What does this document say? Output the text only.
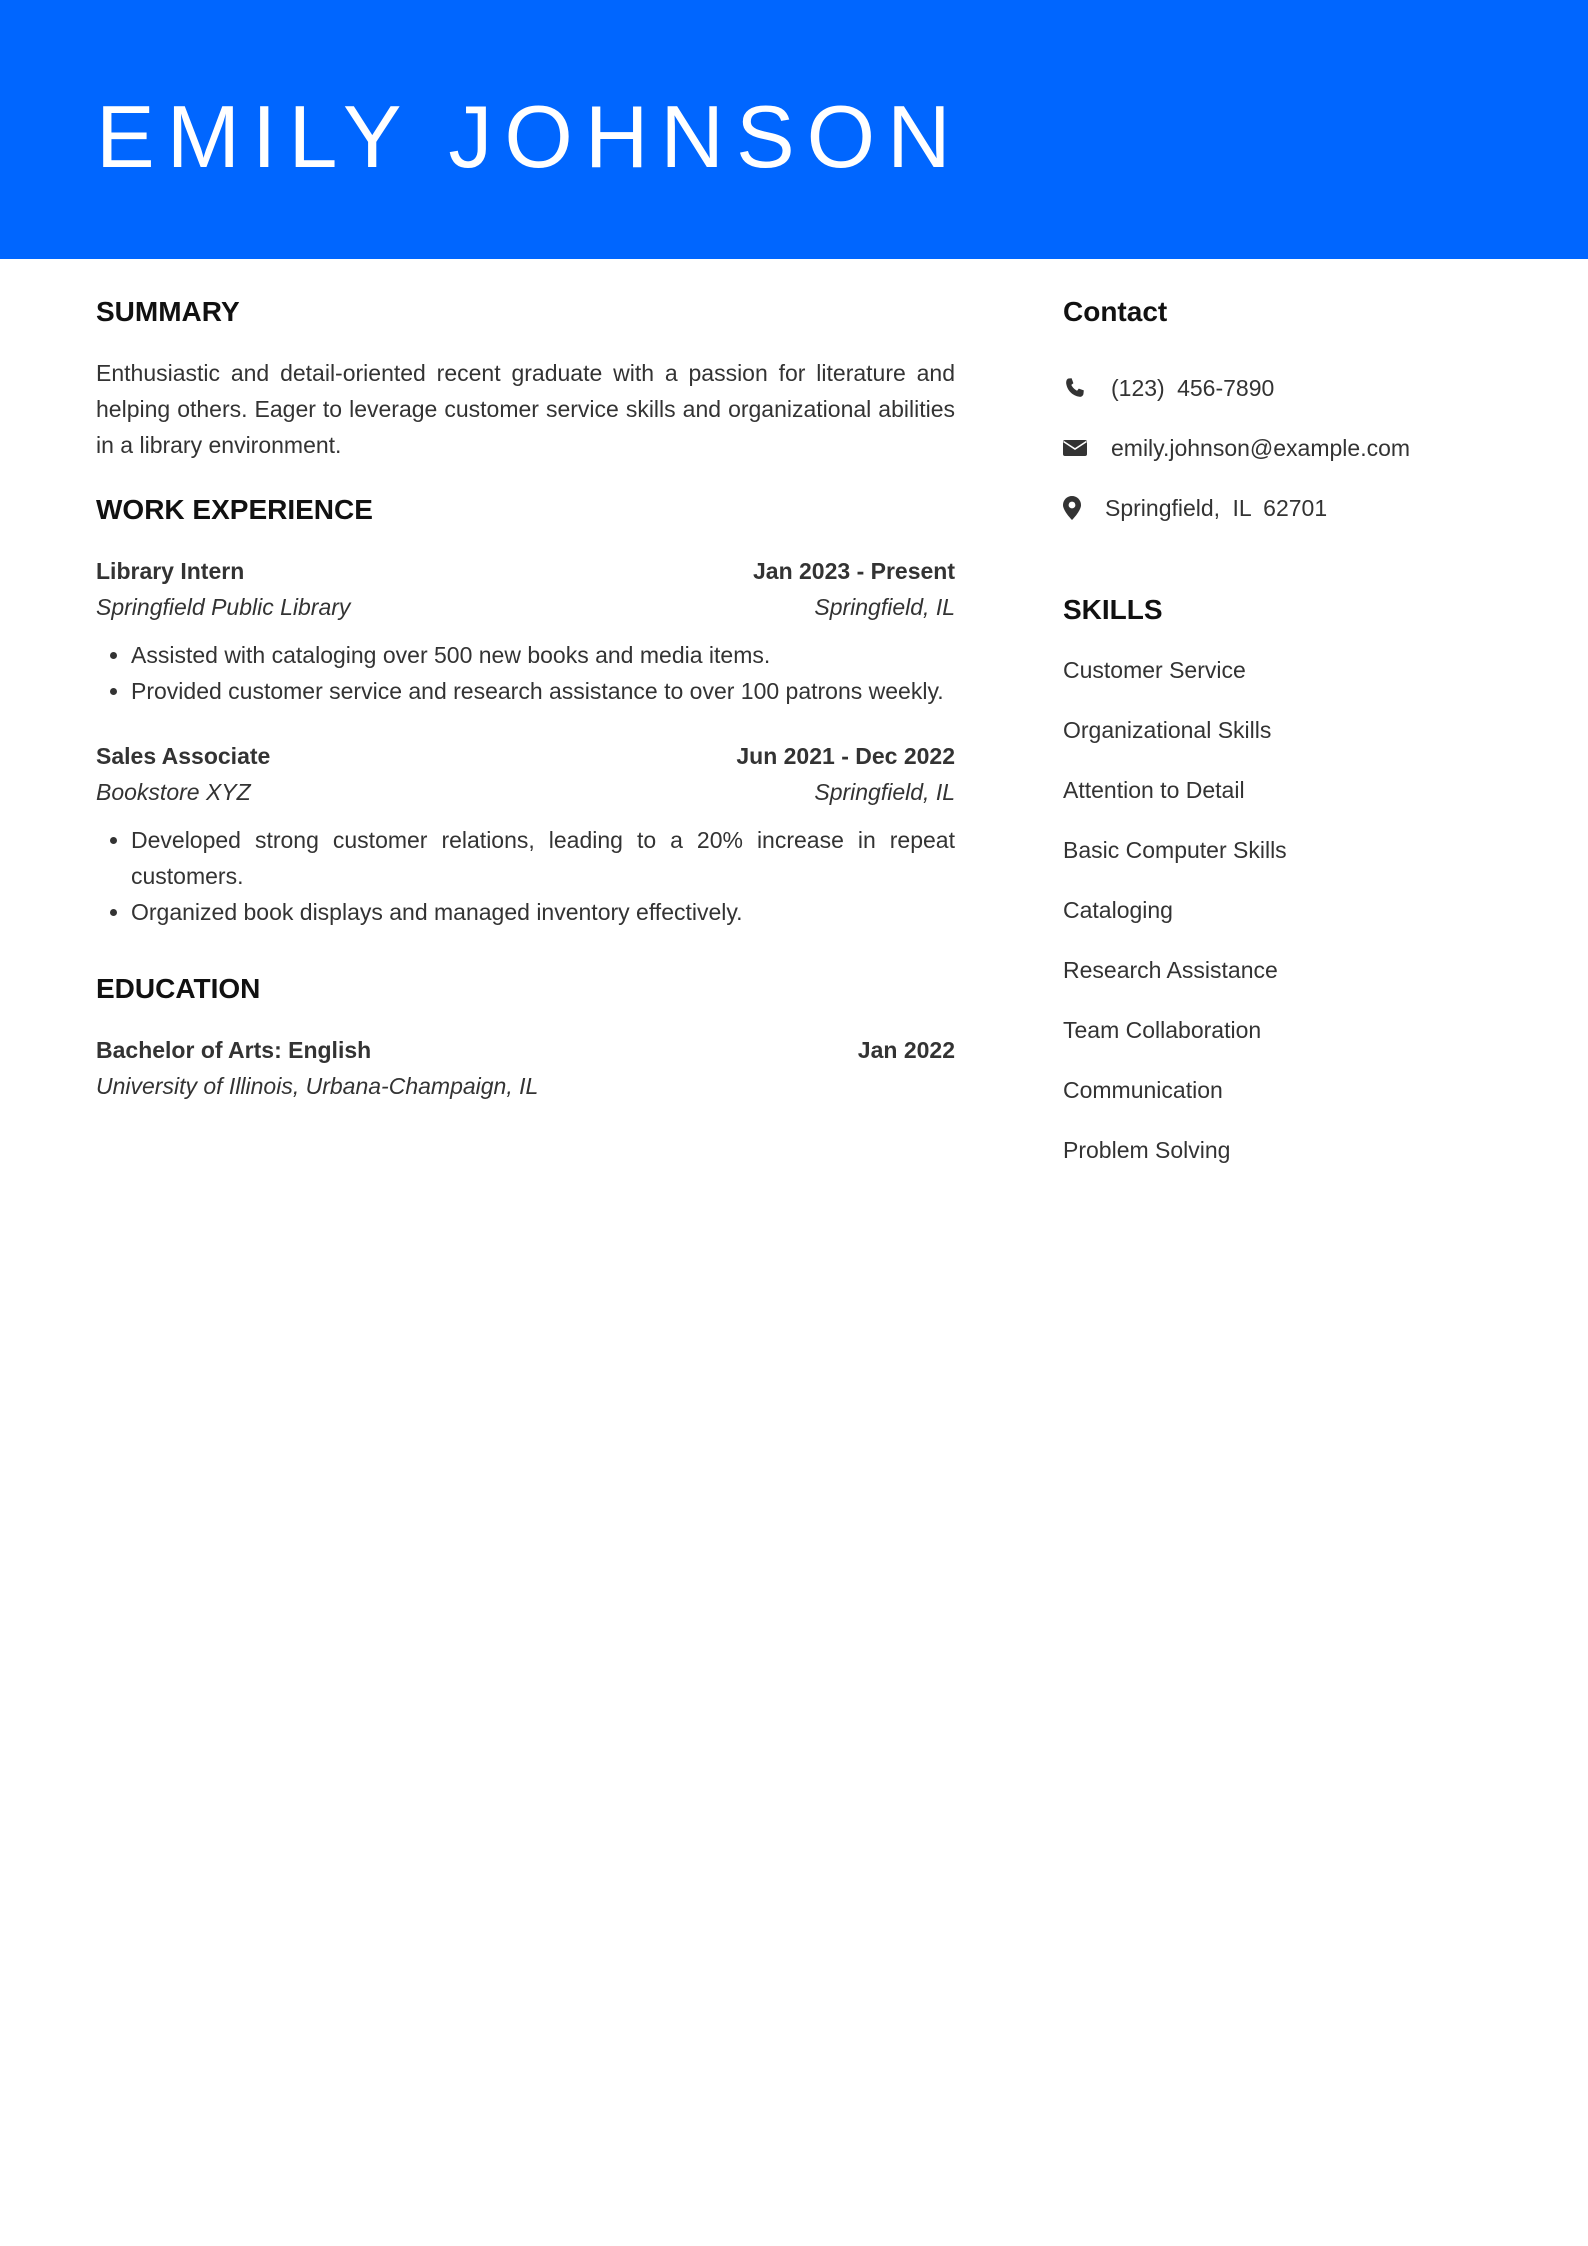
EMILY JOHNSON
SUMMARY

Enthusiastic and detail-oriented recent graduate with a passion for literature and helping others. Eager to leverage customer service skills and organizational abilities in a library environment.

WORK EXPERIENCE
Library Intern	Jan 2023 - Present
Springfield Public Library	Springfield, IL
• Assisted with cataloging over 500 new books and media items.
• Provided customer service and research assistance to over 100 patrons weekly.
Sales Associate	Jun 2021 - Dec 2022
Bookstore XYZ	Springfield, IL
• Developed strong customer relations, leading to a 20% increase in repeat customers.
• Organized book displays and managed inventory effectively.
EDUCATION
Bachelor of Arts: English	Jan 2022
University of Illinois, Urbana-Champaign, IL
Contact
(123) 456-7890
emily.johnson@example.com
Springfield, IL 62701
SKILLS
Customer Service
Organizational Skills
Attention to Detail
Basic Computer Skills
Cataloging
Research Assistance
Team Collaboration
Communication
Problem Solving
